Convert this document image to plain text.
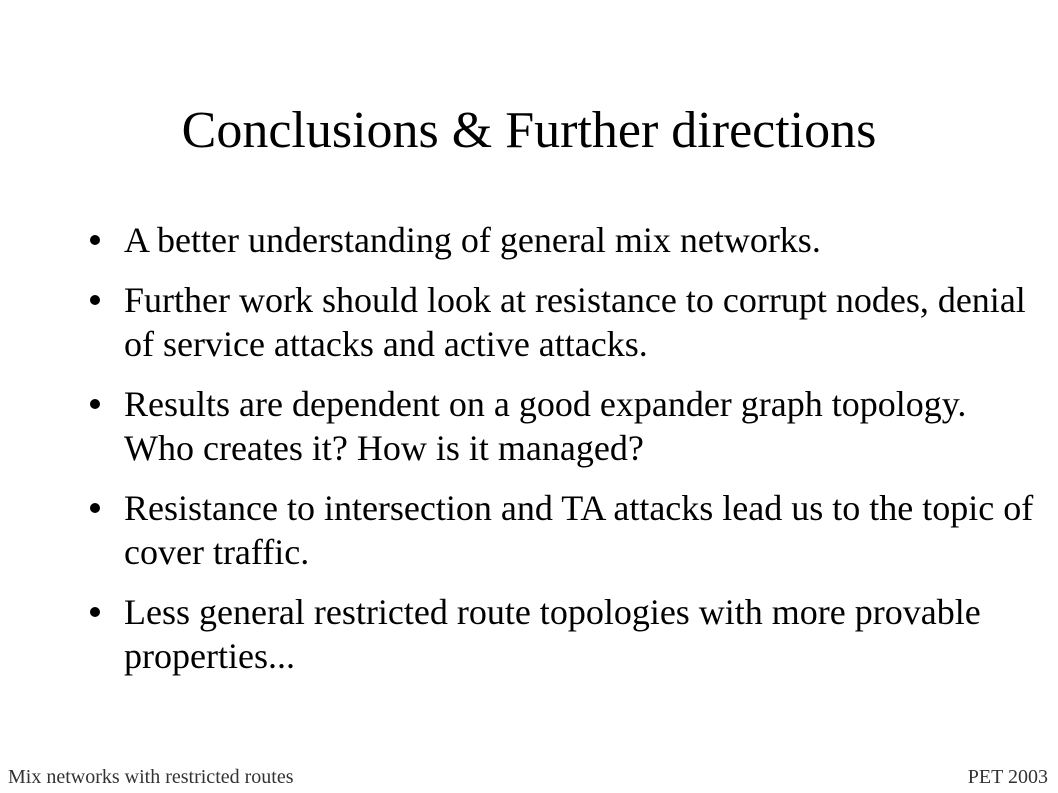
Conclusions & Further directions
A better understanding of general mix networks.
Further work should look at resistance to corrupt nodes, denial of service attacks and active attacks.
Results are dependent on a good expander graph topology. Who creates it? How is it managed?
Resistance to intersection and TA attacks lead us to the topic of cover traffic.
Less general restricted route topologies with more provable properties...
Mix networks with restricted routes	PET 2003
